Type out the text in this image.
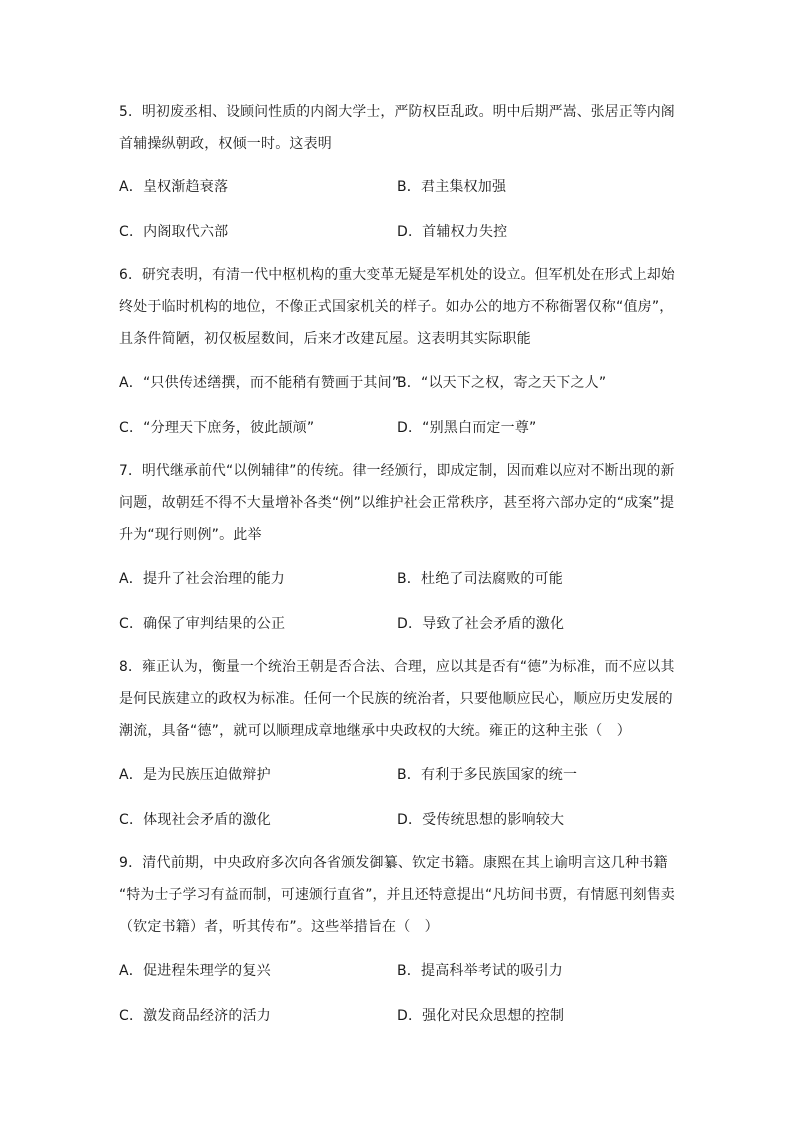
5．明初废丞相、设顾问性质的内阁大学士，严防权臣乱政。明中后期严嵩、张居正等内阁
首辅操纵朝政，权倾一时。这表明
A．皇权渐趋衰落	B．君主集权加强
C．内阁取代六部	D．首辅权力失控
6．研究表明，有清一代中枢机构的重大变革无疑是军机处的设立。但军机处在形式上却始
终处于临时机构的地位，不像正式国家机关的样子。如办公的地方不称衙署仅称“值房”，
且条件简陋，初仅板屋数间，后来才改建瓦屋。这表明其实际职能
A．“只供传述缮撰，而不能稍有赞画于其间”
B．“以天下之权，寄之天下之人”
C．“分理天下庶务，彼此颉颃”	D．“别黑白而定一尊”
7．明代继承前代“以例辅律”的传统。律一经颁行，即成定制，因而难以应对不断出现的新
问题，故朝廷不得不大量增补各类“例”以维护社会正常秩序，甚至将六部办定的“成案”提
升为“现行则例”。此举
A．提升了社会治理的能力	B．杜绝了司法腐败的可能
C．确保了审判结果的公正	D．导致了社会矛盾的激化
8．雍正认为，衡量一个统治王朝是否合法、合理，应以其是否有“德”为标准，而不应以其
是何民族建立的政权为标准。任何一个民族的统治者，只要他顺应民心，顺应历史发展的
潮流，具备“德”，就可以顺理成章地继承中央政权的大统。雍正的这种主张（　）
A．是为民族压迫做辩护	B．有利于多民族国家的统一
C．体现社会矛盾的激化	D．受传统思想的影响较大
9．清代前期，中央政府多次向各省颁发御纂、钦定书籍。康熙在其上谕明言这几种书籍
“特为士子学习有益而制，可速颁行直省”，并且还特意提出“凡坊间书贾，有情愿刊刻售卖
（钦定书籍）者，听其传布”。这些举措旨在（　）
A．促进程朱理学的复兴	B．提高科举考试的吸引力
C．激发商品经济的活力	D．强化对民众思想的控制
